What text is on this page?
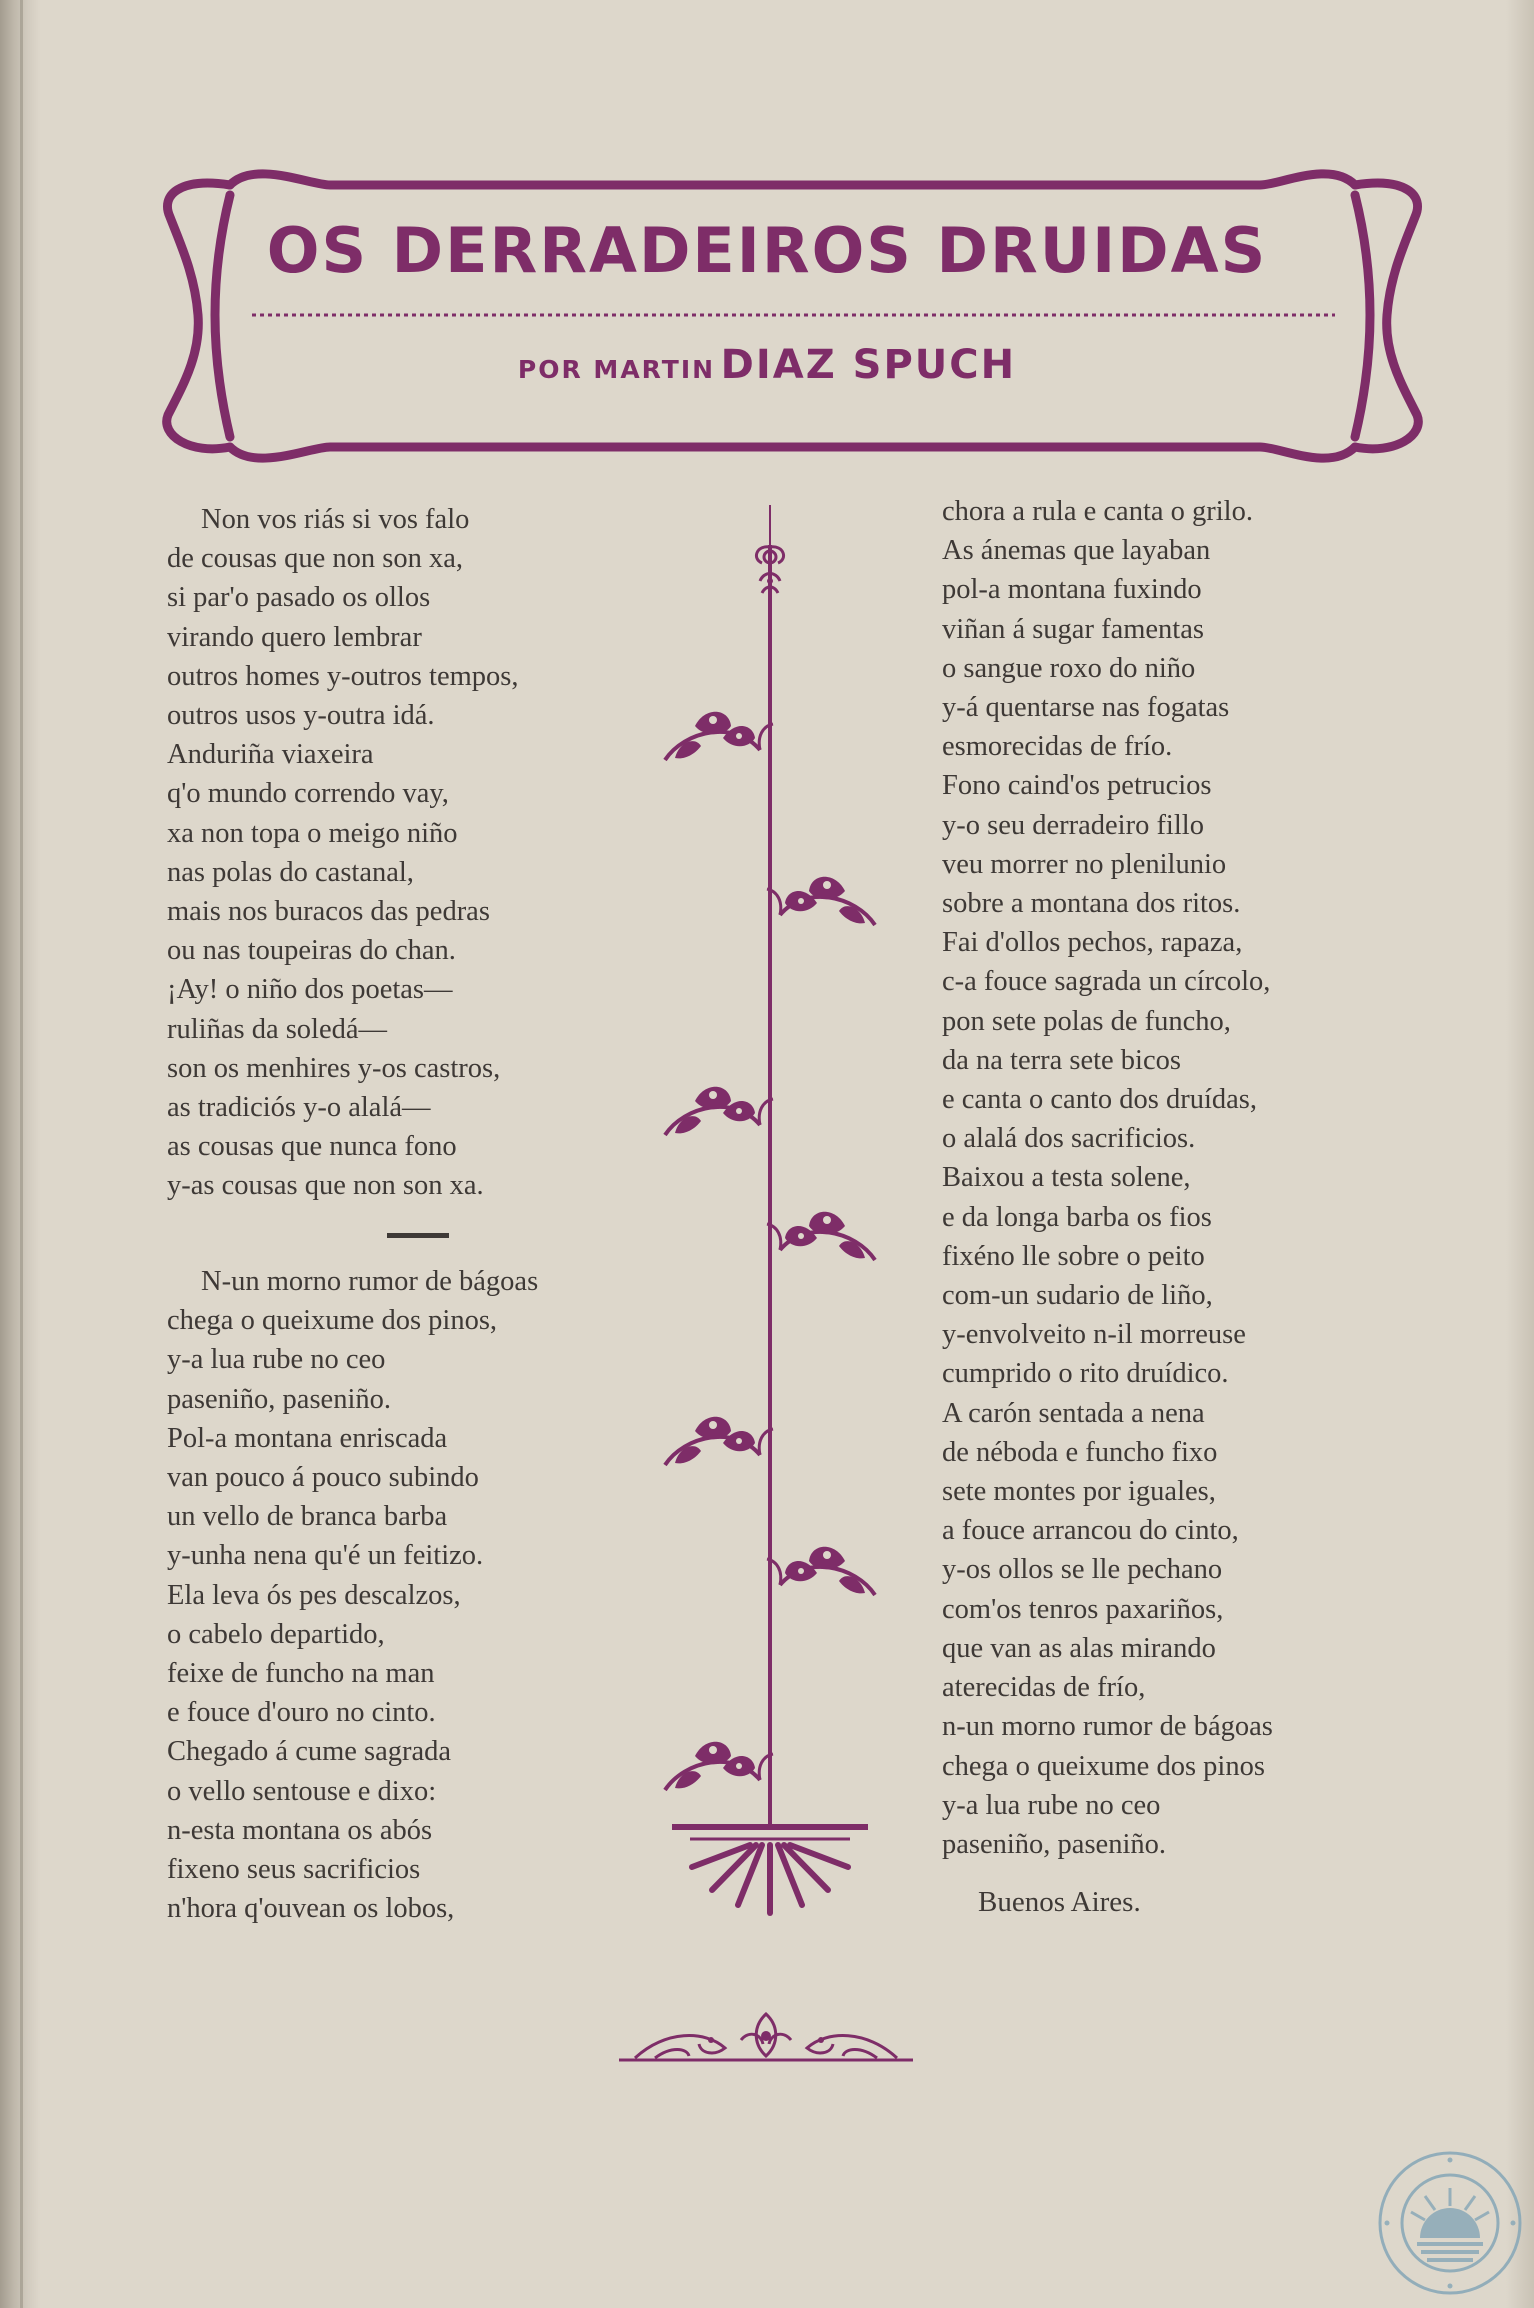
OS DERRADEIROS DRUIDAS
POR MARTIN DIAZ SPUCH
Non vos riás si vos falo
de cousas que non son xa,
si par'o pasado os ollos
virando quero lembrar
outros homes y-outros tempos,
outros usos y-outra idá.
Anduriña viaxeira
q'o mundo correndo vay,
xa non topa o meigo niño
nas polas do castanal,
mais nos buracos das pedras
ou nas toupeiras do chan.
¡Ay! o niño dos poetas—
ruliñas da soledá—
son os menhires y-os castros,
as tradiciós y-o alalá—
as cousas que nunca fono
y-as cousas que non son xa.
N-un morno rumor de bágoas
chega o queixume dos pinos,
y-a lua rube no ceo
paseniño, paseniño.
Pol-a montana enriscada
van pouco á pouco subindo
un vello de branca barba
y-unha nena qu'é un feitizo.
Ela leva ós pes descalzos,
o cabelo departido,
feixe de funcho na man
e fouce d'ouro no cinto.
Chegado á cume sagrada
o vello sentouse e dixo:
n-esta montana os abós
fixeno seus sacrificios
n'hora q'ouvean os lobos,
chora a rula e canta o grilo.
As ánemas que layaban
pol-a montana fuxindo
viñan á sugar famentas
o sangue roxo do niño
y-á quentarse nas fogatas
esmorecidas de frío.
Fono caind'os petrucios
y-o seu derradeiro fillo
veu morrer no plenilunio
sobre a montana dos ritos.
Fai d'ollos pechos, rapaza,
c-a fouce sagrada un círcolo,
pon sete polas de funcho,
da na terra sete bicos
e canta o canto dos druídas,
o alalá dos sacrificios.
Baixou a testa solene,
e da longa barba os fios
fixéno lle sobre o peito
com-un sudario de liño,
y-envolveito n-il morreuse
cumprido o rito druídico.
A carón sentada a nena
de néboda e funcho fixo
sete montes por iguales,
a fouce arrancou do cinto,
y-os ollos se lle pechano
com'os tenros paxariños,
que van as alas mirando
aterecidas de frío,
n-un morno rumor de bágoas
chega o queixume dos pinos
y-a lua rube no ceo
paseniño, paseniño.

Buenos Aires.
